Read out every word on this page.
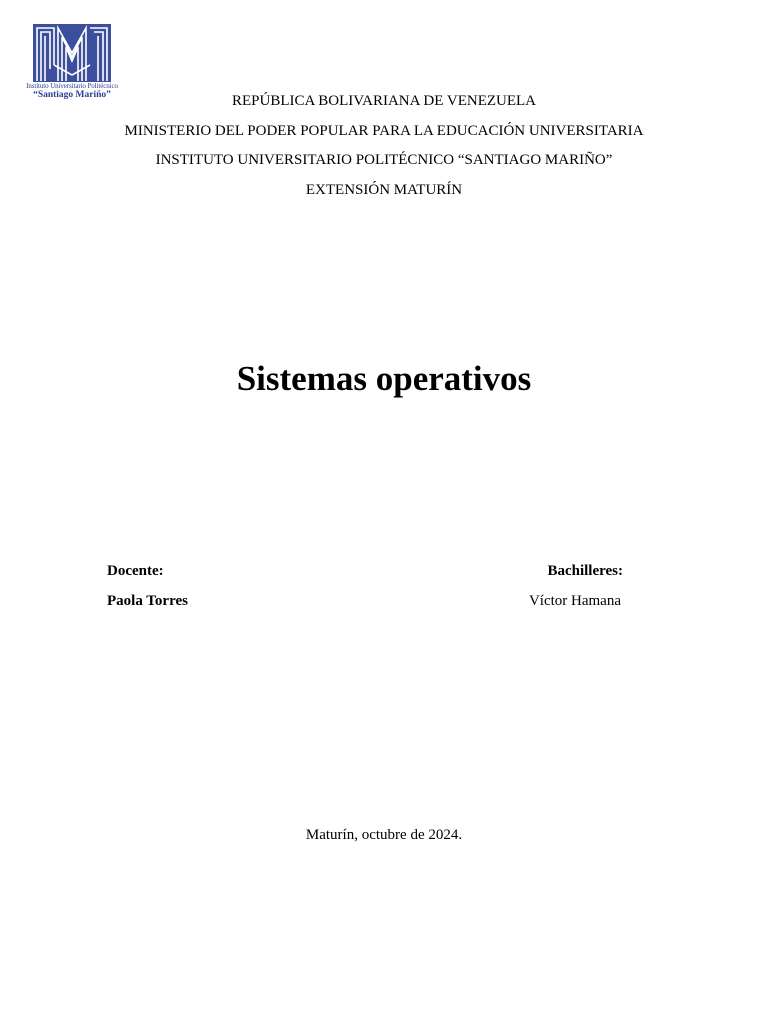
Instituto Universitario Politécnico
“Santiago Mariño”	REPÚBLICA BOLIVARIANA DE VENEZUELA
MINISTERIO DEL PODER POPULAR PARA LA EDUCACIÓN UNIVERSITARIA
INSTITUTO UNIVERSITARIO POLITÉCNICO “SANTIAGO MARIÑO”
EXTENSIÓN MATURÍN
Sistemas operativos
Docente:
Paola Torres
Bachilleres:
Víctor Hamana
Maturín, octubre de 2024.
